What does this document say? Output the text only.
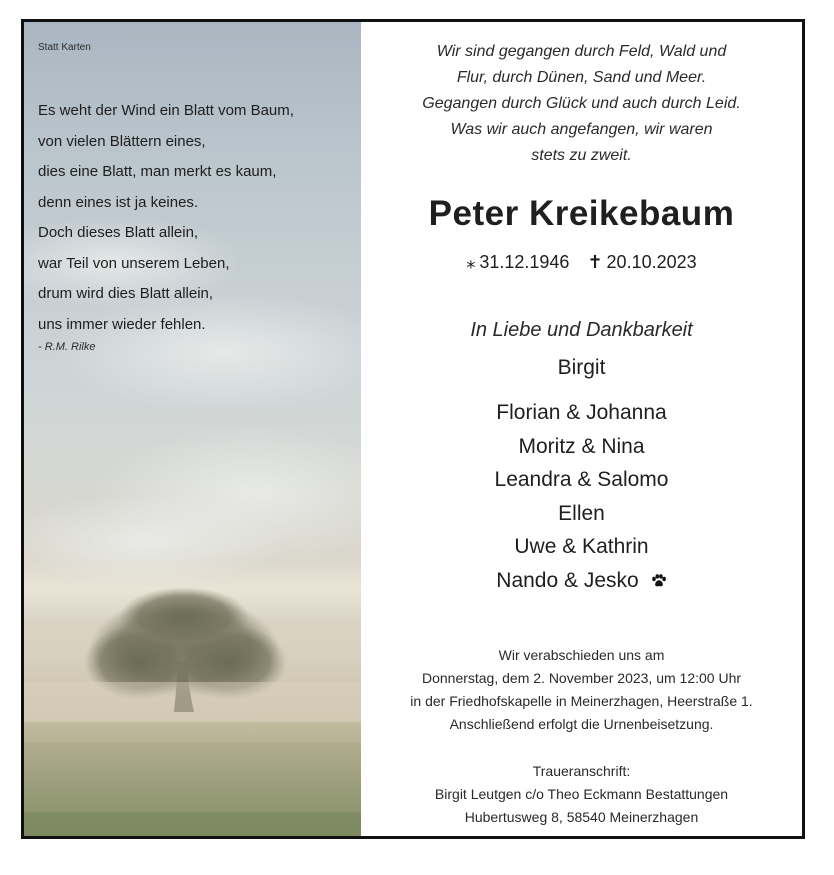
Statt Karten
Es weht der Wind ein Blatt vom Baum,
von vielen Blättern eines,
dies eine Blatt, man merkt es kaum,
denn eines ist ja keines.
Doch dieses Blatt allein,
war Teil von unserem Leben,
drum wird dies Blatt allein,
uns immer wieder fehlen.
- R.M. Rilke
Wir sind gegangen durch Feld, Wald und
Flur, durch Dünen, Sand und Meer.
Gegangen durch Glück und auch durch Leid.
Was wir auch angefangen, wir waren
stets zu zweit.
Peter Kreikebaum
⁎ 31.12.1946 ✝ 20.10.2023
In Liebe und Dankbarkeit
Birgit
Florian & Johanna
Moritz & Nina
Leandra & Salomo
Ellen
Uwe & Kathrin
Nando & Jesko
Wir verabschieden uns am
Donnerstag, dem 2. November 2023, um 12:00 Uhr
in der Friedhofskapelle in Meinerzhagen, Heerstraße 1.
Anschließend erfolgt die Urnenbeisetzung.
Traueranschrift:
Birgit Leutgen c/o Theo Eckmann Bestattungen
Hubertusweg 8, 58540 Meinerzhagen
